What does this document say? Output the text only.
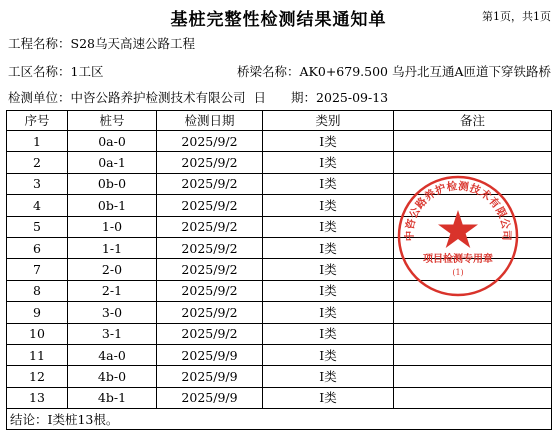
基桩完整性检测结果通知单	第1页，共1页
工程名称：S28乌天高速公路工程
工区名称：1工区	桥梁名称：AK0+679.500 乌丹北互通A匝道下穿铁路桥
检测单位：中咨公路养护检测技术有限公司 日　　期：2025-09-13
序号	桩号	检测日期	类别	备注
1	0a-0	2025/9/2	Ⅰ类	
2	0a-1	2025/9/2	Ⅰ类	
3	0b-0	2025/9/2	Ⅰ类	
4	0b-1	2025/9/2	Ⅰ类	
5	1-0	2025/9/2	Ⅰ类	
6	1-1	2025/9/2	Ⅰ类	
7	2-0	2025/9/2	Ⅰ类	
8	2-1	2025/9/2	Ⅰ类	
9	3-0	2025/9/2	Ⅰ类	
10	3-1	2025/9/2	Ⅰ类	
11	4a-0	2025/9/9	Ⅰ类	
12	4b-0	2025/9/9	Ⅰ类	
13	4b-1	2025/9/9	Ⅰ类	
结论：Ⅰ类桩13根。				
中咨公路养护检测技术有限公司
项目检测专用章
(1)
